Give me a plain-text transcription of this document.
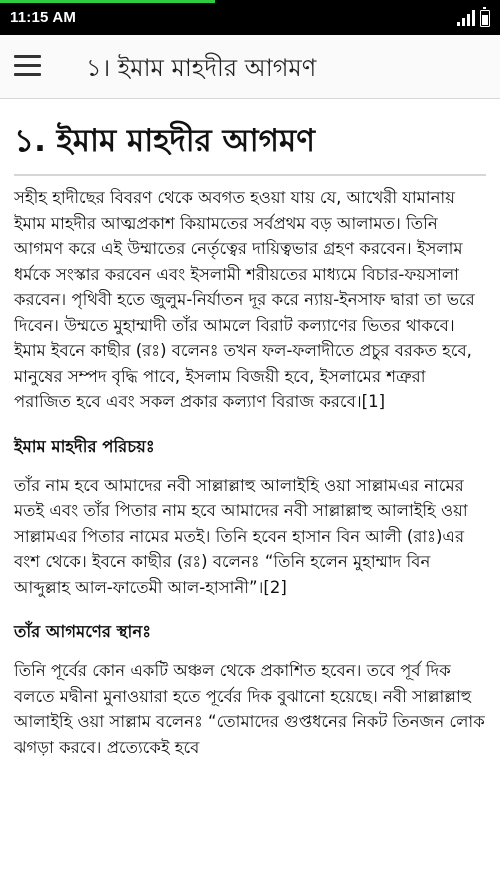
11:15 AM
১। ইমাম মাহদীর আগমণ
১. ইমাম মাহদীর আগমণ

সহীহ হাদীছের বিবরণ থেকে অবগত হওয়া যায় যে, আখেরী যামানায় ইমাম মাহদীর আত্মপ্রকাশ কিয়ামতের সর্বপ্রথম বড় আলামত। তিনি আগমণ করে এই উম্মাতের নের্তৃত্বের দায়িত্বভার গ্রহণ করবেন। ইসলাম ধর্মকে সংস্কার করবেন এবং ইসলামী শরীয়তের মাধ্যমে বিচার-ফয়সালা করবেন। পৃথিবী হতে জুলুম-নির্যাতন দূর করে ন্যায়-ইনসাফ দ্বারা তা ভরে দিবেন। উম্মতে মুহাম্মাদী তাঁর আমলে বিরাট কল্যাণের ভিতর থাকবে। ইমাম ইবনে কাছীর (রঃ) বলেনঃ তখন ফল-ফলাদীতে প্রচুর বরকত হবে, মানুষের সম্পদ বৃদ্ধি পাবে, ইসলাম বিজয়ী হবে, ইসলামের শত্রুরা পরাজিত হবে এবং সকল প্রকার কল্যাণ বিরাজ করবে।[1]

ইমাম মাহদীর পরিচয়ঃ

তাঁর নাম হবে আমাদের নবী সাল্লাল্লাহু আলাইহি ওয়া সাল্লামএর নামের মতই এবং তাঁর পিতার নাম হবে আমাদের নবী সাল্লাল্লাহু আলাইহি ওয়া সাল্লামএর পিতার নামের মতই। তিনি হবেন হাসান বিন আলী (রাঃ)এর বংশ থেকে। ইবনে কাছীর (রঃ) বলেনঃ “তিনি হলেন মুহাম্মাদ বিন আব্দুল্লাহ আল-ফাতেমী আল-হাসানী”।[2]

তাঁর আগমণের স্থানঃ

তিনি পূর্বের কোন একটি অঞ্চল থেকে প্রকাশিত হবেন। তবে পূর্ব দিক বলতে মদ্বীনা মুনাওয়ারা হতে পূর্বের দিক বুঝানো হয়েছে। নবী সাল্লাল্লাহু আলাইহি ওয়া সাল্লাম বলেনঃ “তোমাদের গুপ্তধনের নিকট তিনজন লোক ঝগড়া করবে। প্রত্যেকেই হবে
